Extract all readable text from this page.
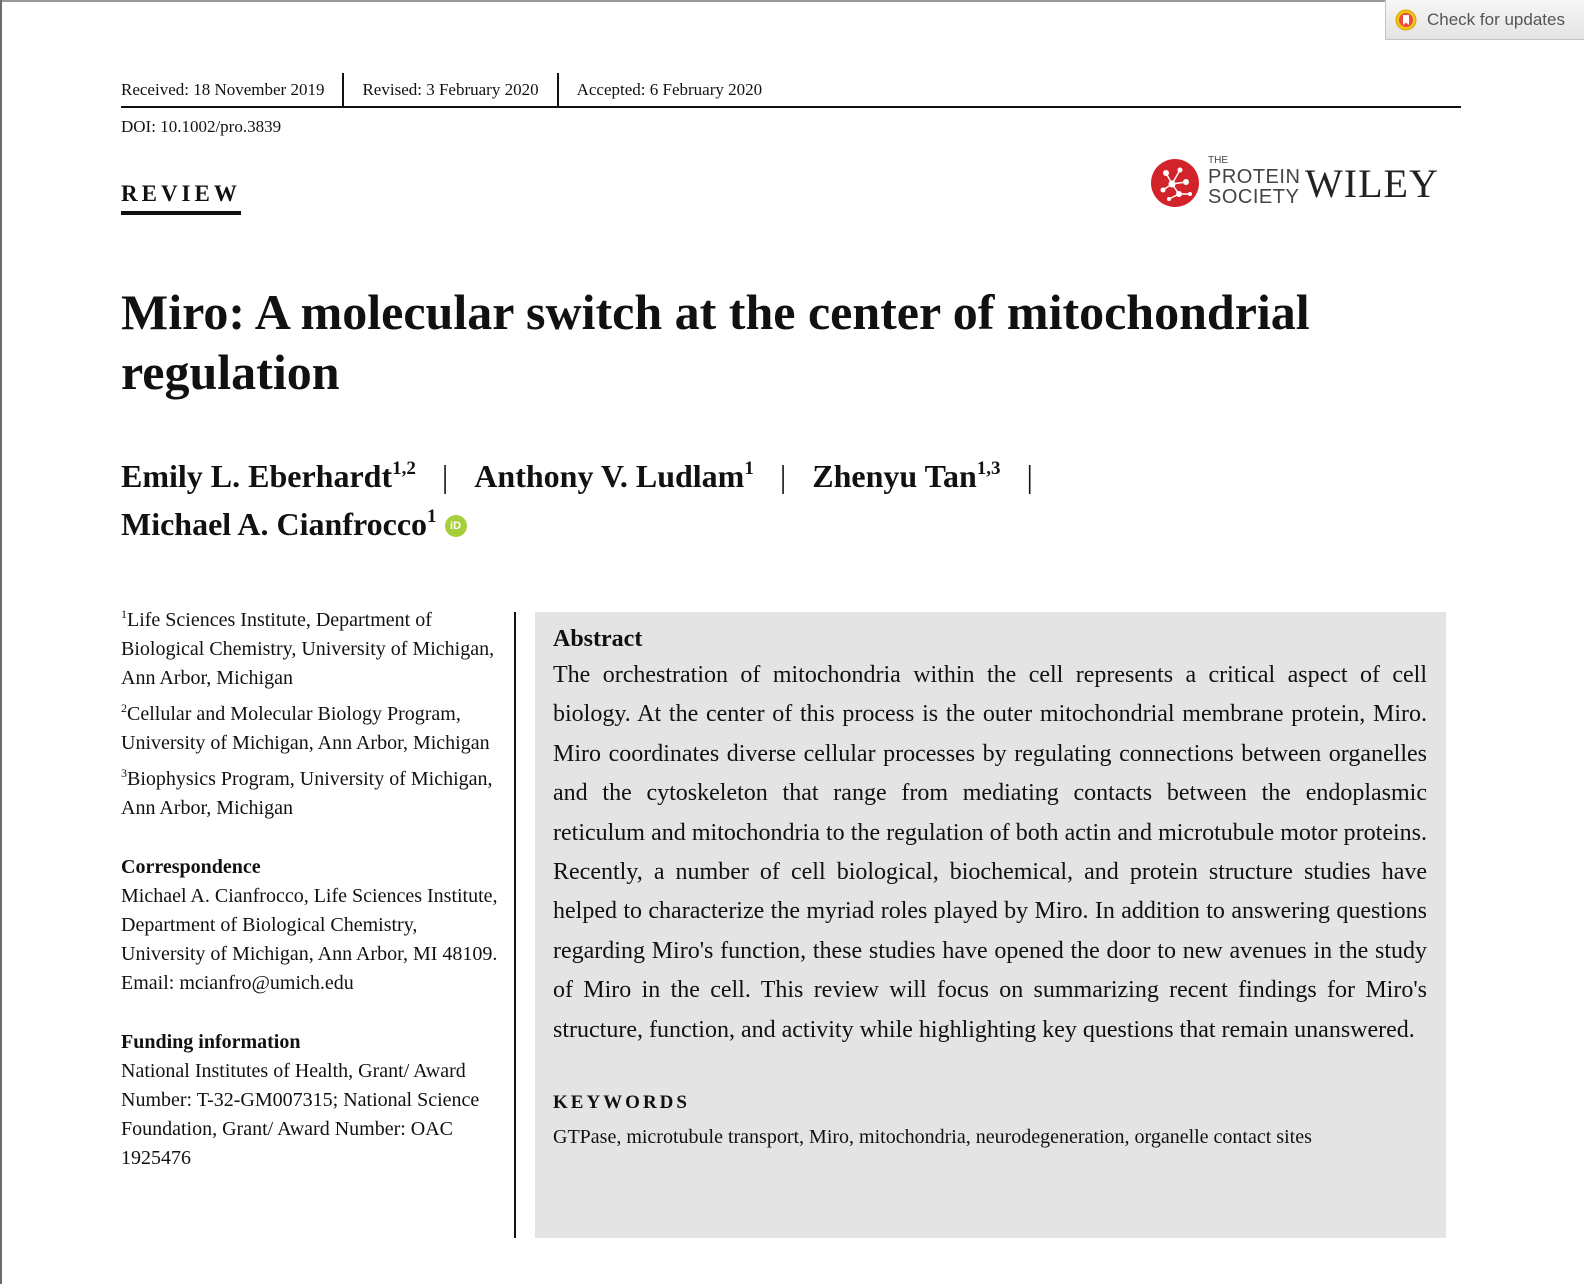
Check for updates
Received: 18 November 2019 Revised: 3 February 2020 Accepted: 6 February 2020
DOI: 10.1002/pro.3839
REVIEW
THE
PROTEIN
SOCIETY WILEY
Miro: A molecular switch at the center of mitochondrial regulation
Emily L. Eberhardt$^{1,2}$ | Anthony V. Ludlam$^1$ | Zhenyu Tan$^{1,3}$ |
Michael A. Cianfrocco$^1$ iD

$^1$Life Sciences Institute, Department of Biological Chemistry, University of Michigan, Ann Arbor, Michigan

$^2$Cellular and Molecular Biology Program, University of Michigan, Ann Arbor, Michigan

$^3$Biophysics Program, University of Michigan, Ann Arbor, Michigan

Correspondence
Michael A. Cianfrocco, Life Sciences Institute, Department of Biological Chemistry, University of Michigan, Ann Arbor, MI 48109.
Email: mcianfro@umich.edu
Funding information
National Institutes of Health, Grant/ Award Number: T-32-GM007315; National Science Foundation, Grant/ Award Number: OAC 1925476
Abstract

The orchestration of mitochondria within the cell represents a critical aspect of cell biology. At the center of this process is the outer mitochondrial membrane protein, Miro. Miro coordinates diverse cellular processes by regulating connections between organelles and the cytoskeleton that range from mediating contacts between the endoplasmic reticulum and mitochondria to the regulation of both actin and microtubule motor proteins. Recently, a number of cell biological, biochemical, and protein structure studies have helped to characterize the myriad roles played by Miro. In addition to answering questions regarding Miro's function, these studies have opened the door to new avenues in the study of Miro in the cell. This review will focus on summarizing recent findings for Miro's structure, function, and activity while highlighting key questions that remain unanswered.

KEYWORDS
GTPase, microtubule transport, Miro, mitochondria, neurodegeneration, organelle contact sites
